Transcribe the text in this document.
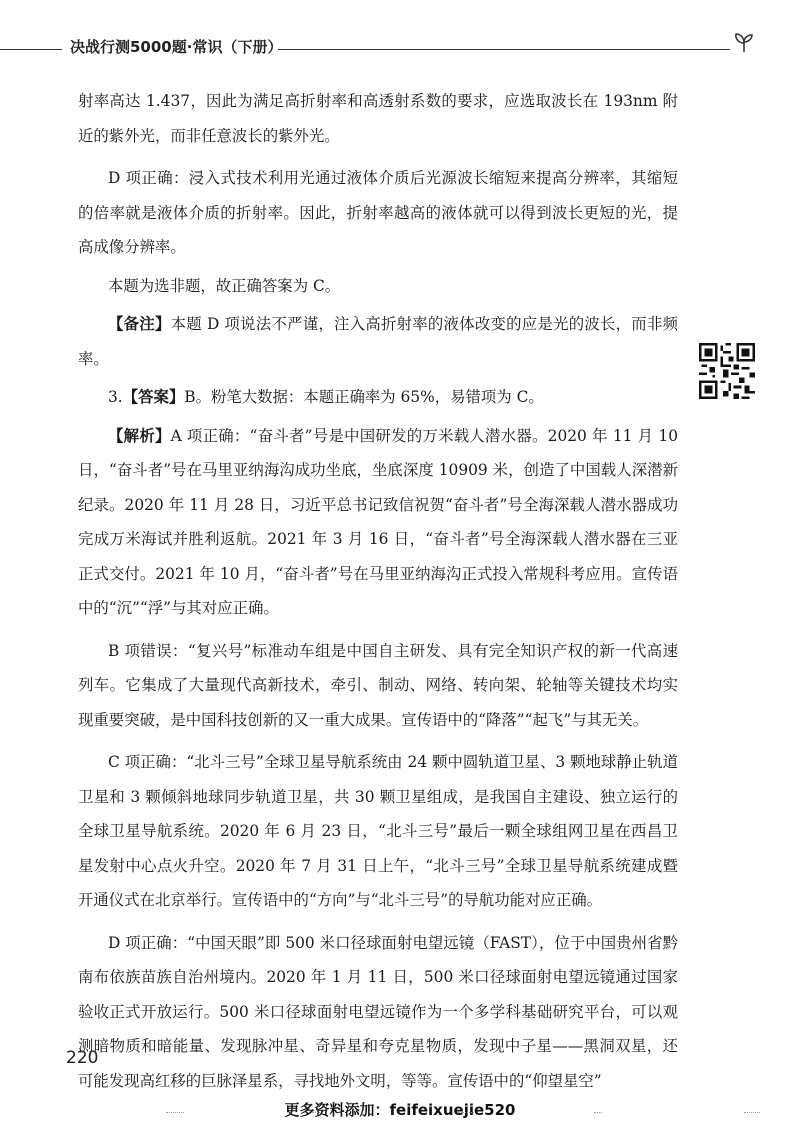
决战行测5000题·常识（下册）

射率高达 1.437，因此为满足高折射率和高透射系数的要求，应选取波长在 193nm 附近的紫外光，而非任意波长的紫外光。

D 项正确：浸入式技术利用光通过液体介质后光源波长缩短来提高分辨率，其缩短的倍率就是液体介质的折射率。因此，折射率越高的液体就可以得到波长更短的光，提高成像分辨率。

本题为选非题，故正确答案为 C。

【备注】本题 D 项说法不严谨，注入高折射率的液体改变的应是光的波长，而非频率。

3.【答案】B。粉笔大数据：本题正确率为 65%，易错项为 C。

【解析】A 项正确：“奋斗者”号是中国研发的万米载人潜水器。2020 年 11 月 10 日，“奋斗者”号在马里亚纳海沟成功坐底，坐底深度 10909 米，创造了中国载人深潜新纪录。2020 年 11 月 28 日，习近平总书记致信祝贺“奋斗者”号全海深载人潜水器成功完成万米海试并胜利返航。2021 年 3 月 16 日，“奋斗者”号全海深载人潜水器在三亚正式交付。2021 年 10 月，“奋斗者”号在马里亚纳海沟正式投入常规科考应用。宣传语中的“沉”“浮”与其对应正确。

B 项错误：“复兴号”标准动车组是中国自主研发、具有完全知识产权的新一代高速列车。它集成了大量现代高新技术，牵引、制动、网络、转向架、轮轴等关键技术均实现重要突破，是中国科技创新的又一重大成果。宣传语中的“降落”“起飞”与其无关。

C 项正确：“北斗三号”全球卫星导航系统由 24 颗中圆轨道卫星、3 颗地球静止轨道卫星和 3 颗倾斜地球同步轨道卫星，共 30 颗卫星组成，是我国自主建设、独立运行的全球卫星导航系统。2020 年 6 月 23 日，“北斗三号”最后一颗全球组网卫星在西昌卫星发射中心点火升空。2020 年 7 月 31 日上午，“北斗三号”全球卫星导航系统建成暨开通仪式在北京举行。宣传语中的“方向”与“北斗三号”的导航功能对应正确。

D 项正确：“中国天眼”即 500 米口径球面射电望远镜（FAST），位于中国贵州省黔南布依族苗族自治州境内。2020 年 1 月 11 日，500 米口径球面射电望远镜通过国家验收正式开放运行。500 米口径球面射电望远镜作为一个多学科基础研究平台，可以观测暗物质和暗能量、发现脉冲星、奇异星和夸克星物质，发现中子星——黑洞双星，还可能发现高红移的巨脉泽星系，寻找地外文明，等等。宣传语中的“仰望星空”

220
更多资料添加：feifeixuejie520
